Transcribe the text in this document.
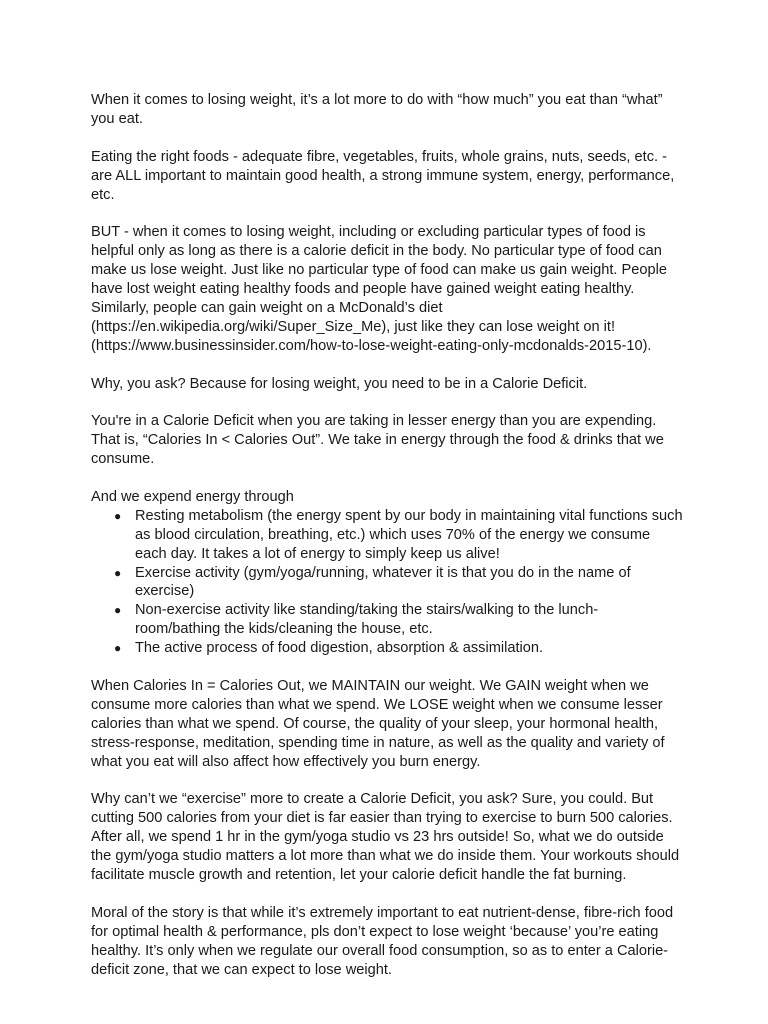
When it comes to losing weight, it’s a lot more to do with “how much” you eat than “what” you eat.

Eating the right foods - adequate fibre, vegetables, fruits, whole grains, nuts, seeds, etc. - are ALL important to maintain good health, a strong immune system, energy, performance, etc.

BUT - when it comes to losing weight, including or excluding particular types of food is helpful only as long as there is a calorie deficit in the body. No particular type of food can make us lose weight. Just like no particular type of food can make us gain weight. People have lost weight eating healthy foods and people have gained weight eating healthy. Similarly, people can gain weight on a McDonald’s diet (https://en.wikipedia.org/wiki/Super_Size_Me), just like they can lose weight on it! (https://www.businessinsider.com/how-to-lose-weight-eating-only-mcdonalds-2015-10).

Why, you ask? Because for losing weight, you need to be in a Calorie Deficit.

You're in a Calorie Deficit when you are taking in lesser energy than you are expending. That is, “Calories In < Calories Out”. We take in energy through the food & drinks that we consume.

And we expend energy through

● Resting metabolism (the energy spent by our body in maintaining vital functions such as blood circulation, breathing, etc.) which uses 70% of the energy we consume each day. It takes a lot of energy to simply keep us alive!
● Exercise activity (gym/yoga/running, whatever it is that you do in the name of exercise)
● Non-exercise activity like standing/taking the stairs/walking to the lunch-room/bathing the kids/cleaning the house, etc.
● The active process of food digestion, absorption & assimilation.

When Calories In = Calories Out, we MAINTAIN our weight. We GAIN weight when we consume more calories than what we spend. We LOSE weight when we consume lesser calories than what we spend. Of course, the quality of your sleep, your hormonal health, stress-response, meditation, spending time in nature, as well as the quality and variety of what you eat will also affect how effectively you burn energy.

Why can’t we “exercise” more to create a Calorie Deficit, you ask? Sure, you could. But cutting 500 calories from your diet is far easier than trying to exercise to burn 500 calories. After all, we spend 1 hr in the gym/yoga studio vs 23 hrs outside! So, what we do outside the gym/yoga studio matters a lot more than what we do inside them. Your workouts should facilitate muscle growth and retention, let your calorie deficit handle the fat burning.

Moral of the story is that while it’s extremely important to eat nutrient-dense, fibre-rich food for optimal health & performance, pls don’t expect to lose weight ‘because’ you’re eating healthy. It’s only when we regulate our overall food consumption, so as to enter a Calorie-deficit zone, that we can expect to lose weight.
